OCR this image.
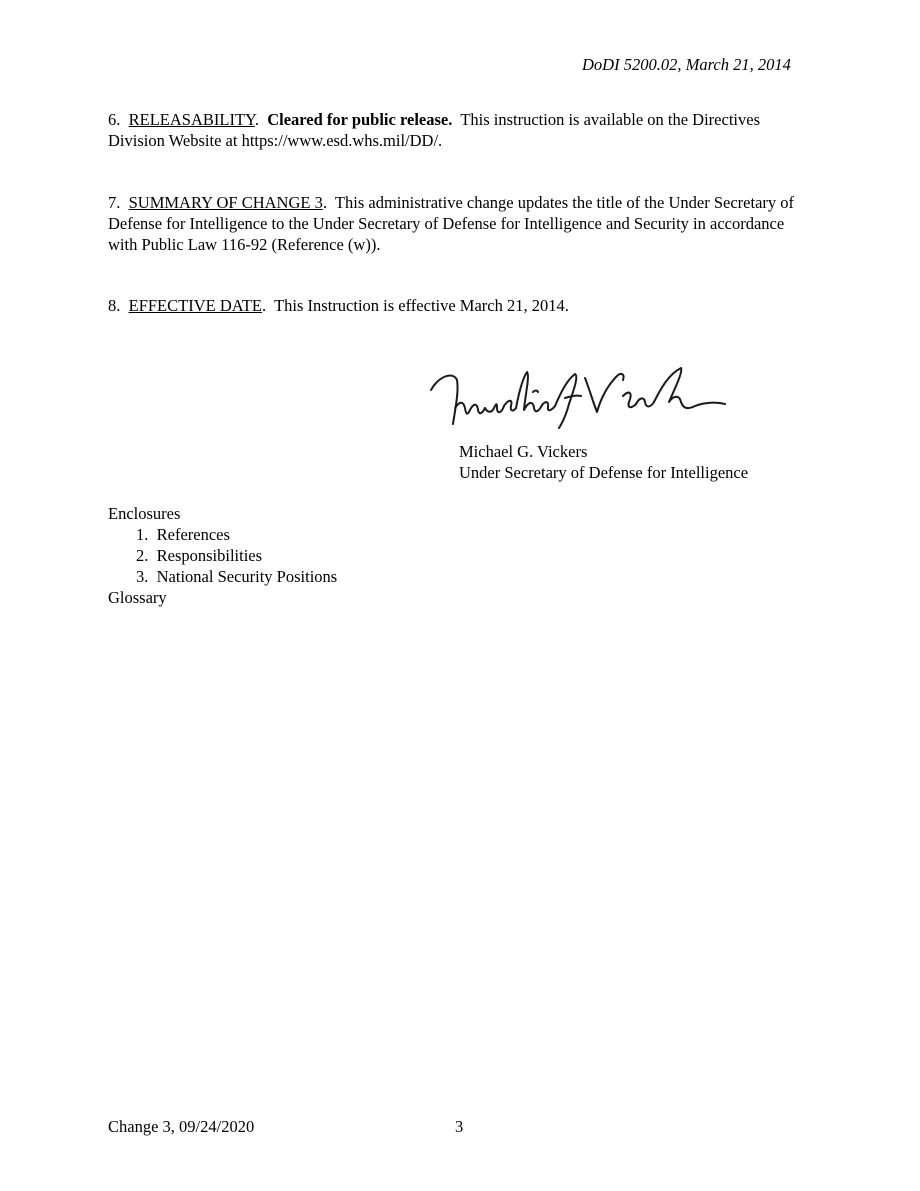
DoDI 5200.02, March 21, 2014
6. RELEASABILITY.  Cleared for public release. This instruction is available on the Directives Division Website at https://www.esd.whs.mil/DD/.
7. SUMMARY OF CHANGE 3.  This administrative change updates the title of the Under Secretary of Defense for Intelligence to the Under Secretary of Defense for Intelligence and Security in accordance with Public Law 116-92 (Reference (w)).
8. EFFECTIVE DATE.  This Instruction is effective March 21, 2014.
Michael G. Vickers
Under Secretary of Defense for Intelligence
Enclosures
1. References
2. Responsibilities
3. National Security Positions
Glossary
Change 3, 09/24/2020	3
